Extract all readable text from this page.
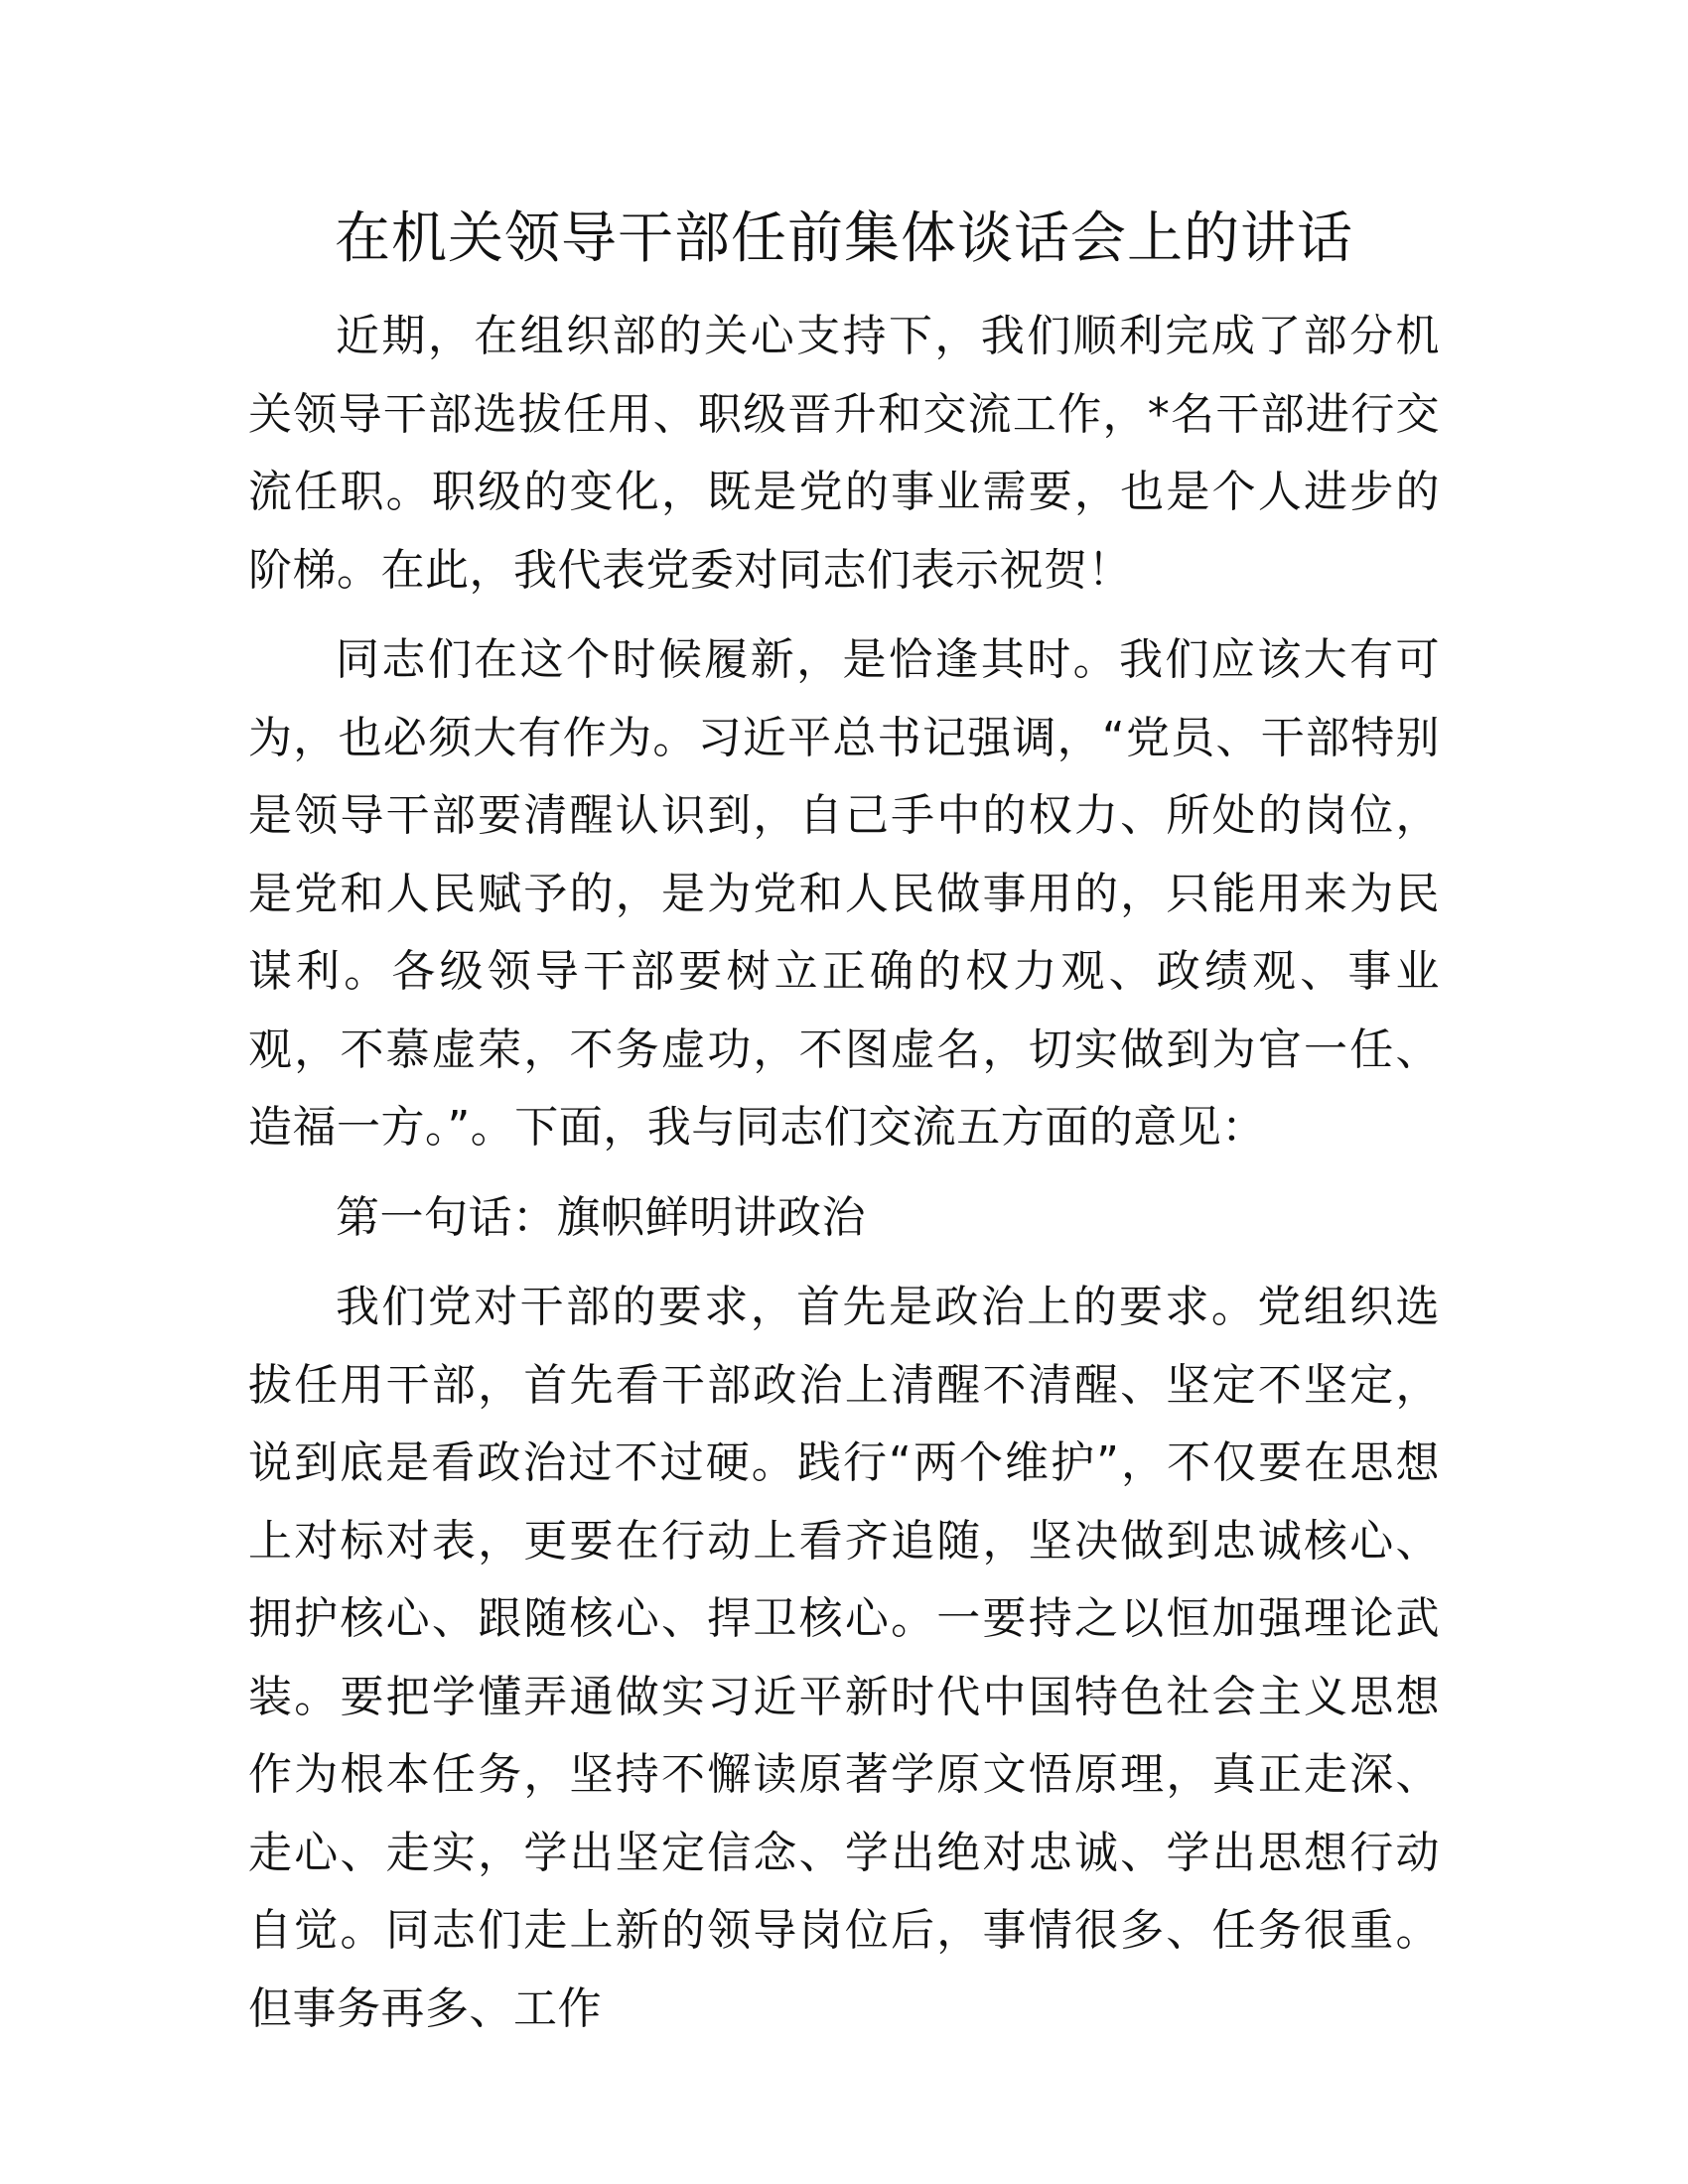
在机关领导干部任前集体谈话会上的讲话

近期，在组织部的关心支持下，我们顺利完成了部分机关领导干部选拔任用、职级晋升和交流工作，*名干部进行交流任职。职级的变化，既是党的事业需要，也是个人进步的阶梯。在此，我代表党委对同志们表示祝贺！

同志们在这个时候履新，是恰逢其时。我们应该大有可为，也必须大有作为。习近平总书记强调，“党员、干部特别是领导干部要清醒认识到，自己手中的权力、所处的岗位，是党和人民赋予的，是为党和人民做事用的，只能用来为民谋利。各级领导干部要树立正确的权力观、政绩观、事业观，不慕虚荣，不务虚功，不图虚名，切实做到为官一任、造福一方。”。下面，我与同志们交流五方面的意见：

第一句话：旗帜鲜明讲政治

我们党对干部的要求，首先是政治上的要求。党组织选拔任用干部，首先看干部政治上清醒不清醒、坚定不坚定，说到底是看政治过不过硬。践行“两个维护”，不仅要在思想上对标对表，更要在行动上看齐追随，坚决做到忠诚核心、拥护核心、跟随核心、捍卫核心。一要持之以恒加强理论武装。要把学懂弄通做实习近平新时代中国特色社会主义思想作为根本任务，坚持不懈读原著学原文悟原理，真正走深、走心、走实，学出坚定信念、学出绝对忠诚、学出思想行动自觉。同志们走上新的领导岗位后，事情很多、任务很重。但事务再多、工作
